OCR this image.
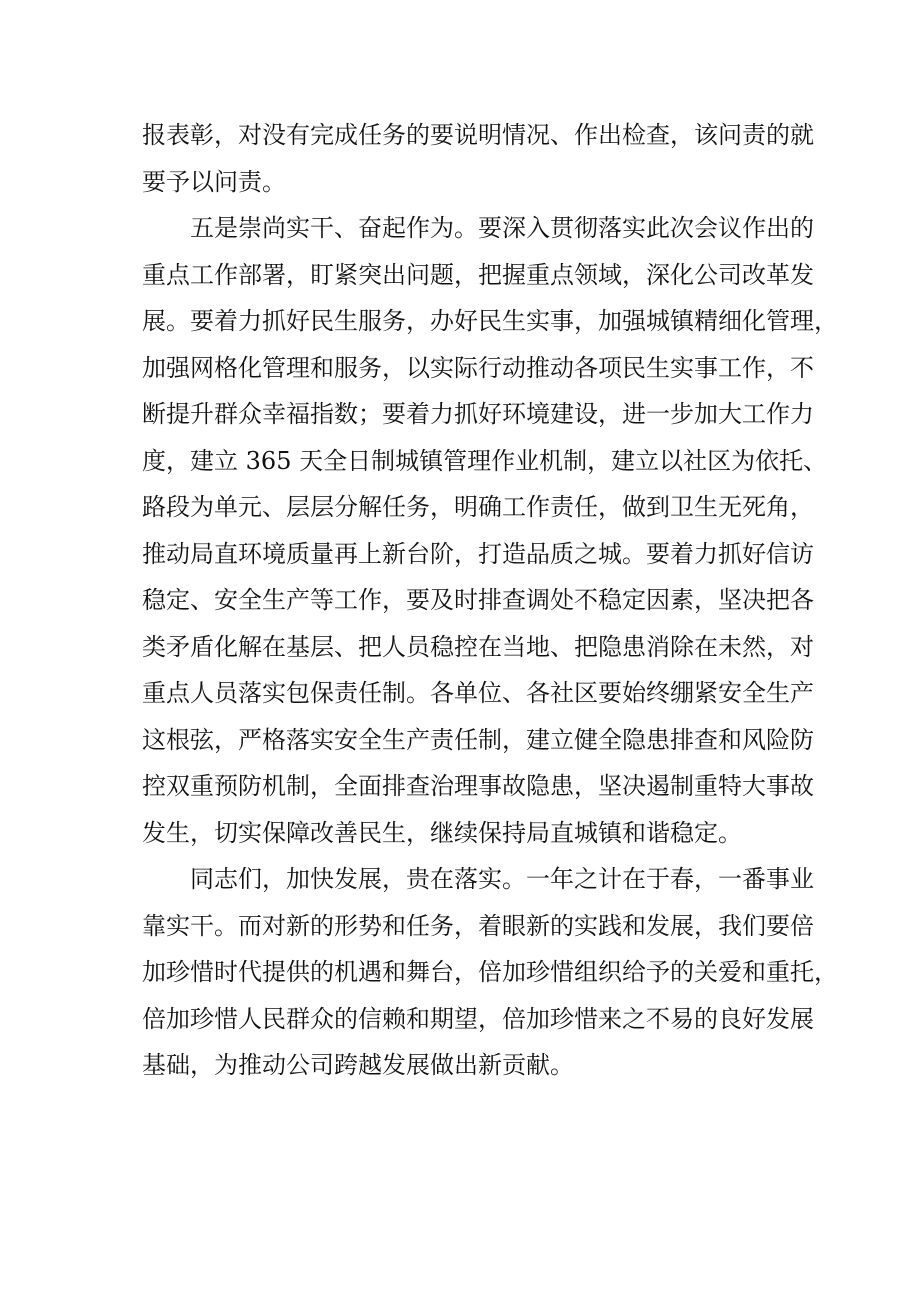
报 表 彰 ， 对 没 有 完 成 任 务 的 要 说 明 情 况 、 作 出 检 查 ， 该 问 责 的 就
要 予 以 问 责 。
五 是 崇 尚 实 干 、 奋 起 作 为 。 要 深 入 贯 彻 落 实 此 次 会 议 作 出 的
重 点 工 作 部 署 ， 盯 紧 突 出 问 题 ， 把 握 重 点 领 域 ， 深 化 公 司 改 革 发
展 。 要 着 力 抓 好 民 生 服 务 ， 办 好 民 生 实 事 ， 加 强 城 镇 精 细 化 管 理 ，
加 强 网 格 化 管 理 和 服 务 ， 以 实 际 行 动 推 动 各 项 民 生 实 事 工 作 ， 不
断 提 升 群 众 幸 福 指 数 ； 要 着 力 抓 好 环 境 建 设 ， 进 一 步 加 大 工 作 力
度 ， 建 立
3 6 5
天 全 日 制 城 镇 管 理 作 业 机 制 ， 建 立 以 社 区 为 依 托 、
路 段 为 单 元 、 层 层 分 解 任 务 ， 明 确 工 作 责 任 ， 做 到 卫 生 无 死 角 ，
推 动 局 直 环 境 质 量 再 上 新 台 阶 ， 打 造 品 质 之 城 。 要 着 力 抓 好 信 访
稳 定 、 安 全 生 产 等 工 作 ， 要 及 时 排 查 调 处 不 稳 定 因 素 ， 坚 决 把 各
类 矛 盾 化 解 在 基 层 、 把 人 员 稳 控 在 当 地 、 把 隐 患 消 除 在 未 然 ， 对
重 点 人 员 落 实 包 保 责 任 制 。 各 单 位 、 各 社 区 要 始 终 绷 紧 安 全 生 产
这 根 弦 ， 严 格 落 实 安 全 生 产 责 任 制 ， 建 立 健 全 隐 患 排 查 和 风 险 防
控 双 重 预 防 机 制 ， 全 面 排 查 治 理 事 故 隐 患 ， 坚 决 遏 制 重 特 大 事 故
发 生 ， 切 实 保 障 改 善 民 生 ， 继 续 保 持 局 直 城 镇 和 谐 稳 定 。
同 志 们 ， 加 快 发 展 ， 贵 在 落 实 。 一 年 之 计 在 于 春 ， 一 番 事 业
靠 实 干 。 而 对 新 的 形 势 和 任 务 ， 着 眼 新 的 实 践 和 发 展 ， 我 们 要 倍
加 珍 惜 时 代 提 供 的 机 遇 和 舞 台 ， 倍 加 珍 惜 组 织 给 予 的 关 爱 和 重 托 ，
倍 加 珍 惜 人 民 群 众 的 信 赖 和 期 望 ， 倍 加 珍 惜 来 之 不 易 的 良 好 发 展
基 础 ， 为 推 动 公 司 跨 越 发 展 做 出 新 贡 献 。
